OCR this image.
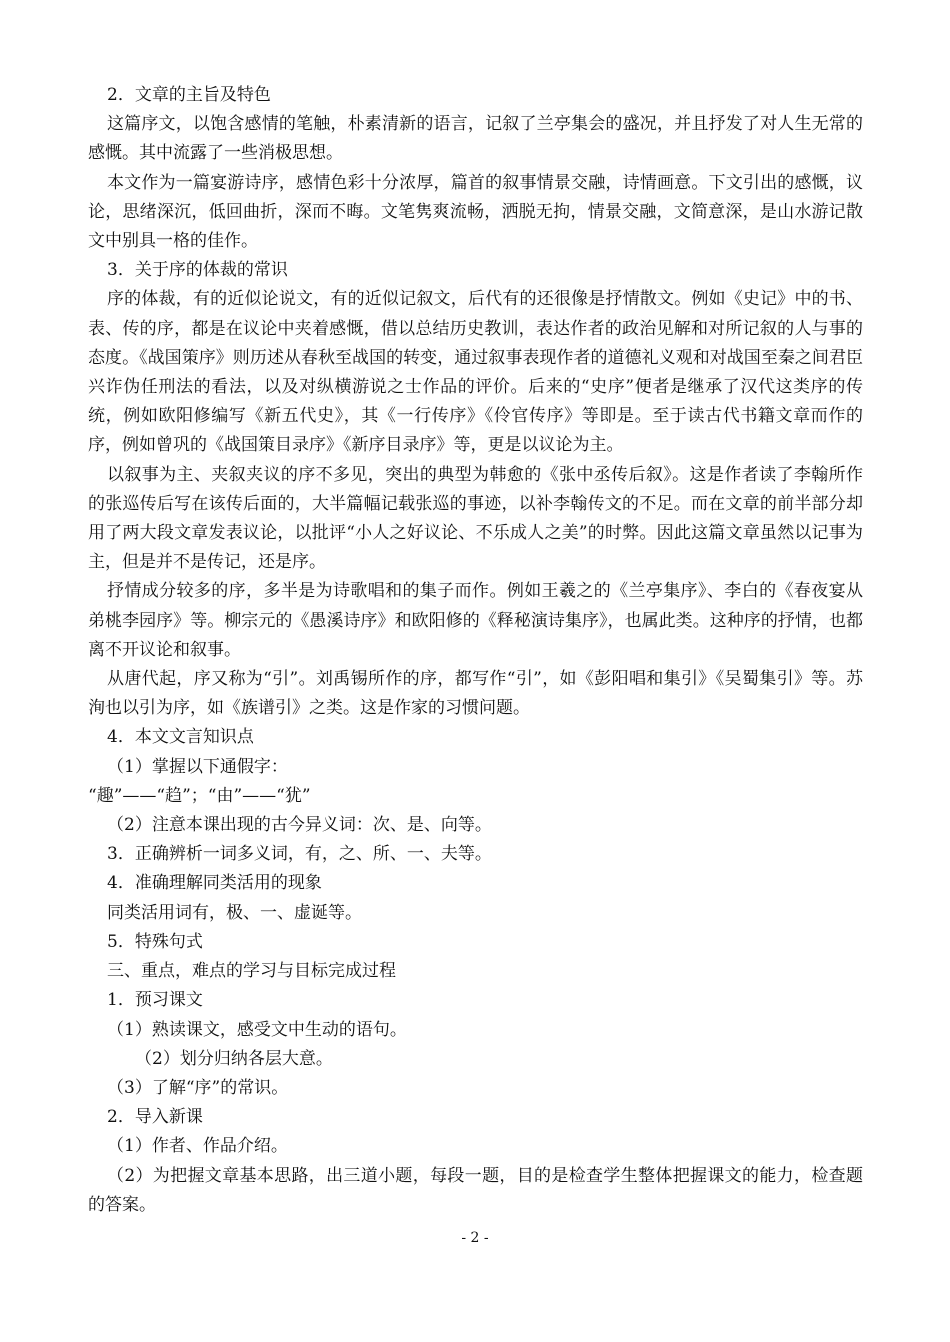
2．文章的主旨及特色

这篇序文，以饱含感情的笔触，朴素清新的语言，记叙了兰亭集会的盛况，并且抒发了对人生无常的感慨。其中流露了一些消极思想。

本文作为一篇宴游诗序，感情色彩十分浓厚，篇首的叙事情景交融，诗情画意。下文引出的感慨，议论，思绪深沉，低回曲折，深而不晦。文笔隽爽流畅，洒脱无拘，情景交融，文简意深，是山水游记散文中别具一格的佳作。

3．关于序的体裁的常识

序的体裁，有的近似论说文，有的近似记叙文，后代有的还很像是抒情散文。例如《史记》中的书、表、传的序，都是在议论中夹着感慨，借以总结历史教训，表达作者的政治见解和对所记叙的人与事的态度。《战国策序》则历述从春秋至战国的转变，通过叙事表现作者的道德礼义观和对战国至秦之间君臣兴诈伪任刑法的看法，以及对纵横游说之士作品的评价。后来的“史序”便者是继承了汉代这类序的传统，例如欧阳修编写《新五代史》，其《一行传序》《伶官传序》等即是。至于读古代书籍文章而作的序，例如曾巩的《战国策目录序》《新序目录序》等，更是以议论为主。

以叙事为主、夹叙夹议的序不多见，突出的典型为韩愈的《张中丞传后叙》。这是作者读了李翰所作的张巡传后写在该传后面的，大半篇幅记载张巡的事迹，以补李翰传文的不足。而在文章的前半部分却用了两大段文章发表议论，以批评“小人之好议论、不乐成人之美”的时弊。因此这篇文章虽然以记事为主，但是并不是传记，还是序。

抒情成分较多的序，多半是为诗歌唱和的集子而作。例如王羲之的《兰亭集序》、李白的《春夜宴从弟桃李园序》等。柳宗元的《愚溪诗序》和欧阳修的《释秘演诗集序》，也属此类。这种序的抒情，也都离不开议论和叙事。

从唐代起，序又称为“引”。刘禹锡所作的序，都写作“引”，如《彭阳唱和集引》《吴蜀集引》等。苏洵也以引为序，如《族谱引》之类。这是作家的习惯问题。

4．本文文言知识点

（1）掌握以下通假字：

“趣”——“趋”；“由”——“犹”

（2）注意本课出现的古今异义词：次、是、向等。

3．正确辨析一词多义词，有，之、所、一、夫等。

4．准确理解同类活用的现象

同类活用词有，极、一、虚诞等。

5．特殊句式

三、重点，难点的学习与目标完成过程

1．预习课文

（1）熟读课文，感受文中生动的语句。

（2）划分归纳各层大意。

（3）了解“序”的常识。

2．导入新课

（1）作者、作品介绍。

（2）为把握文章基本思路，出三道小题，每段一题，目的是检查学生整体把握课文的能力，检查题的答案。

- 2 -
